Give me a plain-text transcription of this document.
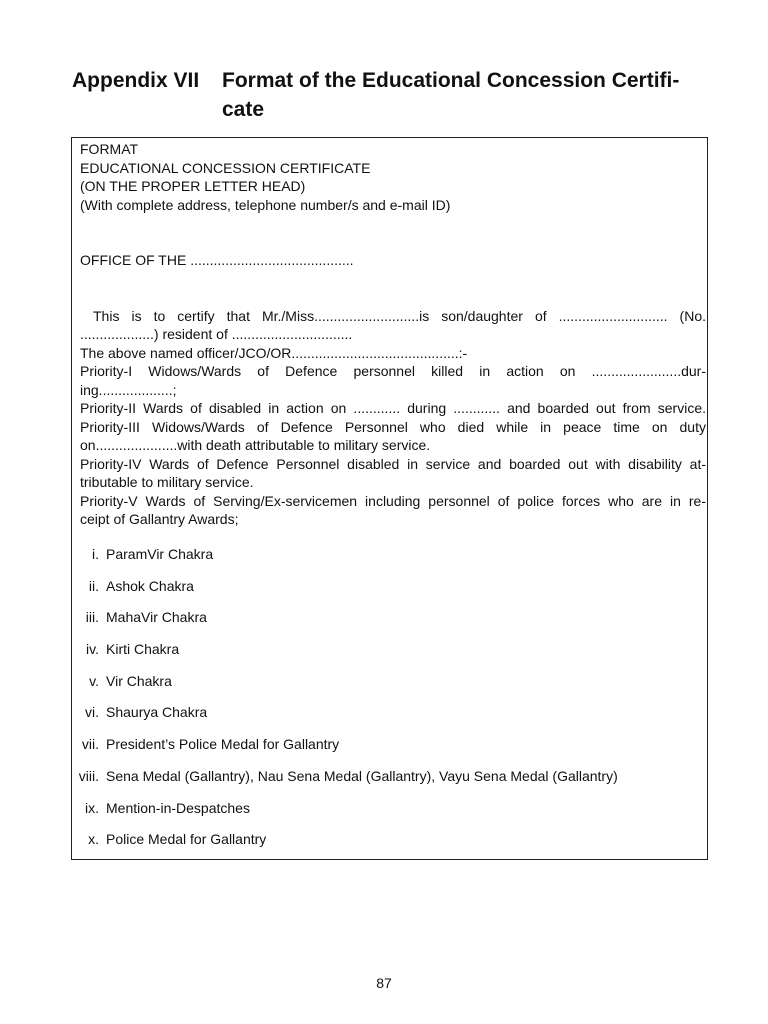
Appendix VII Format of the Educational Concession Certifi-
cate
FORMAT
EDUCATIONAL CONCESSION CERTIFICATE
(ON THE PROPER LETTER HEAD)
(With complete address, telephone number/s and e-mail ID)
OFFICE OF THE ..........................................
This is to certify that Mr./Miss...........................is son/daughter of ............................ (No.
...................) resident of ...............................
The above named officer/JCO/OR...........................................:-
Priority-I Widows/Wards of Defence personnel killed in action on .......................dur-
ing...................;
Priority-II Wards of disabled in action on ............ during ............ and boarded out from service.
Priority-III Widows/Wards of Defence Personnel who died while in peace time on duty
on.....................with death attributable to military service.
Priority-IV Wards of Defence Personnel disabled in service and boarded out with disability at-
tributable to military service.
Priority-V Wards of Serving/Ex-servicemen including personnel of police forces who are in re-
ceipt of Gallantry Awards;
i. ParamVir Chakra
ii. Ashok Chakra
iii. MahaVir Chakra
iv. Kirti Chakra
v. Vir Chakra
vi. Shaurya Chakra
vii. President’s Police Medal for Gallantry
viii. Sena Medal (Gallantry), Nau Sena Medal (Gallantry), Vayu Sena Medal (Gallantry)
ix. Mention-in-Despatches
x. Police Medal for Gallantry
87
